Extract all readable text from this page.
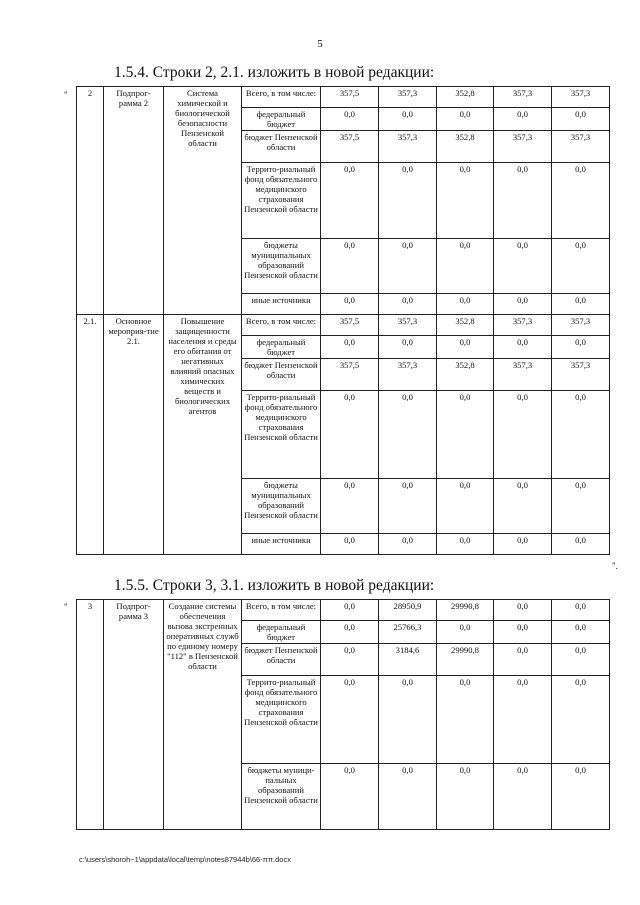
5
1.5.4. Строки 2, 2.1. изложить в новой редакции:
" 2	Подпрог-рамма 2	Система химической и биологической безопасности Пензенской области	Всего, в том числе:	357,5	357,3	352,8	357,3	357,3
			федеральный бюджет	0,0	0,0	0,0	0,0	0,0
			бюджет Пензенской области	357,5	357,3	352,8	357,3	357,3
			Террито-риальный фонд обязательного медицинского страхования Пензенской области	0,0	0,0	0,0	0,0	0,0
			бюджеты муниципальных образований Пензенской области	0,0	0,0	0,0	0,0	0,0
			иные источники	0,0	0,0	0,0	0,0	0,0
2.1.	Основное мероприя-тие 2.1.	Повышение защищенности населения и среды его обитания от негативных влияний опасных химических веществ и биологических агентов	Всего, в том числе:	357,5	357,3	352,8	357,3	357,3
			федеральный бюджет	0,0	0,0	0,0	0,0	0,0
			бюджет Пензенской области	357,5	357,3	352,8	357,3	357,3
			Террито-риальный фонд обязательного медицинского страхования Пензенской области	0,0	0,0	0,0	0,0	0,0
			бюджеты муниципальных образований Пензенской области	0,0	0,0	0,0	0,0	0,0
			иные источники	0,0	0,0	0,0	0,0	0,0
".
1.5.5. Строки 3, 3.1. изложить в новой редакции:
" 3	Подпрог-рамма 3	Создание системы обеспечения вызова экстренных оперативных служб по единому номеру "112" в Пензенской области	Всего, в том числе:	0,0	28950,9	29990,8	0,0	0,0
			федеральный бюджет	0,0	25766,3	0,0	0,0	0,0
			бюджет Пензенской области	0,0	3184,6	29990,8	0,0	0,0
			Террито-риальный фонд обязательного медицинского страхования Пензенской области	0,0	0,0	0,0	0,0	0,0
			бюджеты муници-пальных образований Пензенской области	0,0	0,0	0,0	0,0	0,0
c:\users\shoroh~1\appdata\local\temp\notes87944b\66-ππ.docx
